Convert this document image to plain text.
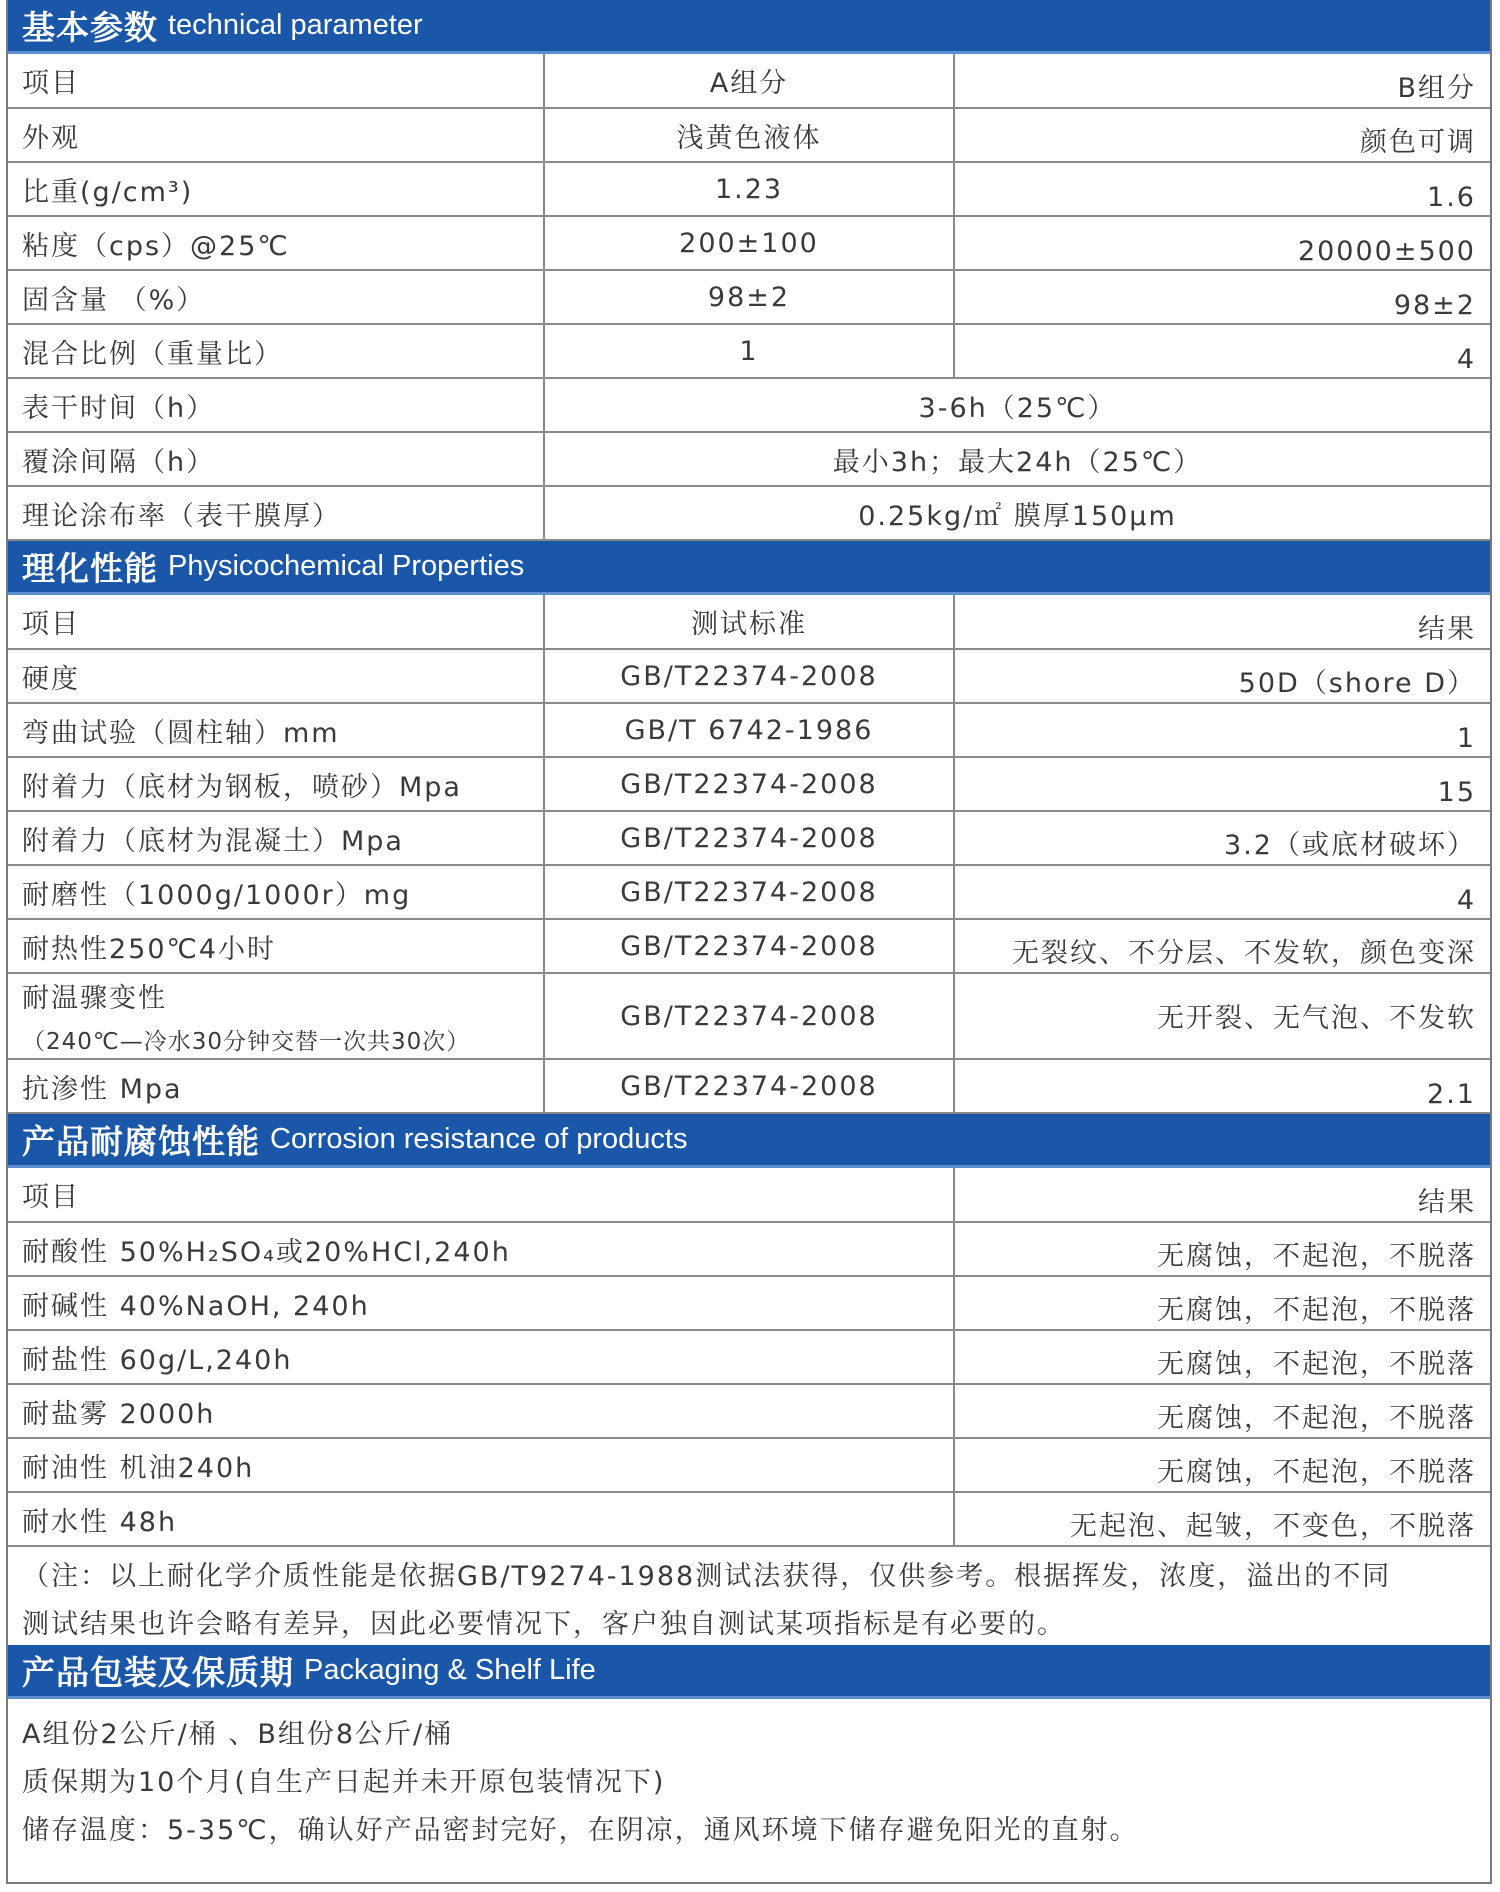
基本参数 technical parameter
项目	A组分	B组分
外观	浅黄色液体	颜色可调
比重(g/cm³)	1.23	1.6
粘度（cps）@25℃	200±100	20000±500
固含量 （%）	98±2	98±2
混合比例（重量比）	1	4
表干时间（h）	3-6h（25℃）	
覆涂间隔（h）	最小3h；最大24h（25℃）	
理论涂布率（表干膜厚）	0.25kg/㎡ 膜厚150μm	
理化性能 Physicochemical Properties
项目	测试标准	结果
硬度	GB/T22374-2008	50D（shore D）
弯曲试验（圆柱轴）mm	GB/T 6742-1986	1
附着力（底材为钢板，喷砂）Mpa	GB/T22374-2008	15
附着力（底材为混凝土）Mpa	GB/T22374-2008	3.2（或底材破坏）
耐磨性（1000g/1000r）mg	GB/T22374-2008	4
耐热性250℃4小时	GB/T22374-2008	无裂纹、不分层、不发软，颜色变深

耐温骤变性
（240℃—冷水30分钟交替一次共30次）	GB/T22374-2008	无开裂、无气泡、不发软
抗渗性 Mpa	GB/T22374-2008	2.1
产品耐腐蚀性能 Corrosion resistance of products
项目	结果
耐酸性 50%H₂SO₄或20%HCl,240h	无腐蚀，不起泡，不脱落
耐碱性 40%NaOH, 240h	无腐蚀，不起泡，不脱落
耐盐性 60g/L,240h	无腐蚀，不起泡，不脱落
耐盐雾 2000h	无腐蚀，不起泡，不脱落
耐油性 机油240h	无腐蚀，不起泡，不脱落
耐水性 48h	无起泡、起皱，不变色，不脱落
（注：以上耐化学介质性能是依据GB/T9274-1988测试法获得，仅供参考。根据挥发，浓度，溢出的不同
测试结果也许会略有差异，因此必要情况下，客户独自测试某项指标是有必要的。
产品包装及保质期 Packaging & Shelf Life

A组份2公斤/桶 、B组份8公斤/桶

质保期为10个月(自生产日起并未开原包装情况下)

储存温度：5-35℃，确认好产品密封完好，在阴凉，通风环境下储存避免阳光的直射。
